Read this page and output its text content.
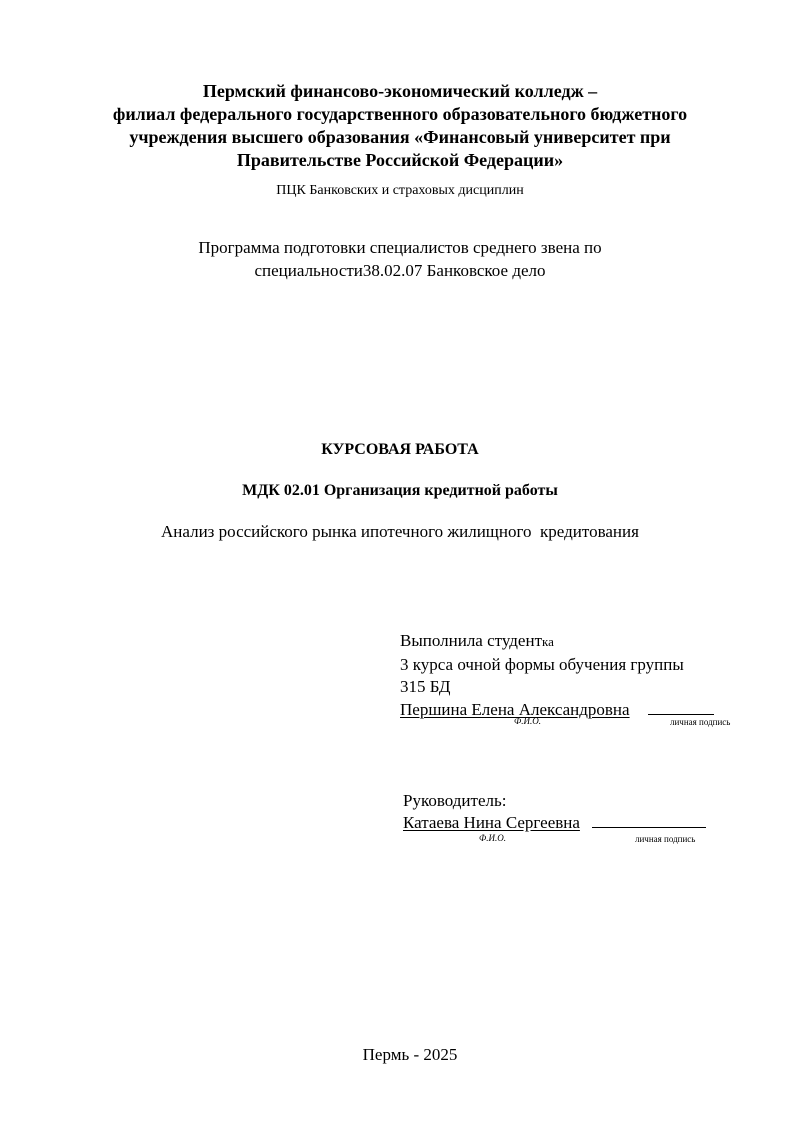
Пермский финансово-экономический колледж –
филиал федерального государственного образовательного бюджетного
учреждения высшего образования «Финансовый университет при
Правительстве Российской Федерации»
ПЦК Банковских и страховых дисциплин
Программа подготовки специалистов среднего звена по
специальности38.02.07 Банковское дело
КУРСОВАЯ РАБОТА
МДК 02.01 Организация кредитной работы
Анализ российского рынка ипотечного жилищного  кредитования
Выполнила студентка
3 курса очной формы обучения группы
315 БД
Першина Елена Александровна
Ф.И.О.	личная подпись
Руководитель:
Катаева Нина Сергеевна
Ф.И.О.	личная подпись
Пермь - 2025
